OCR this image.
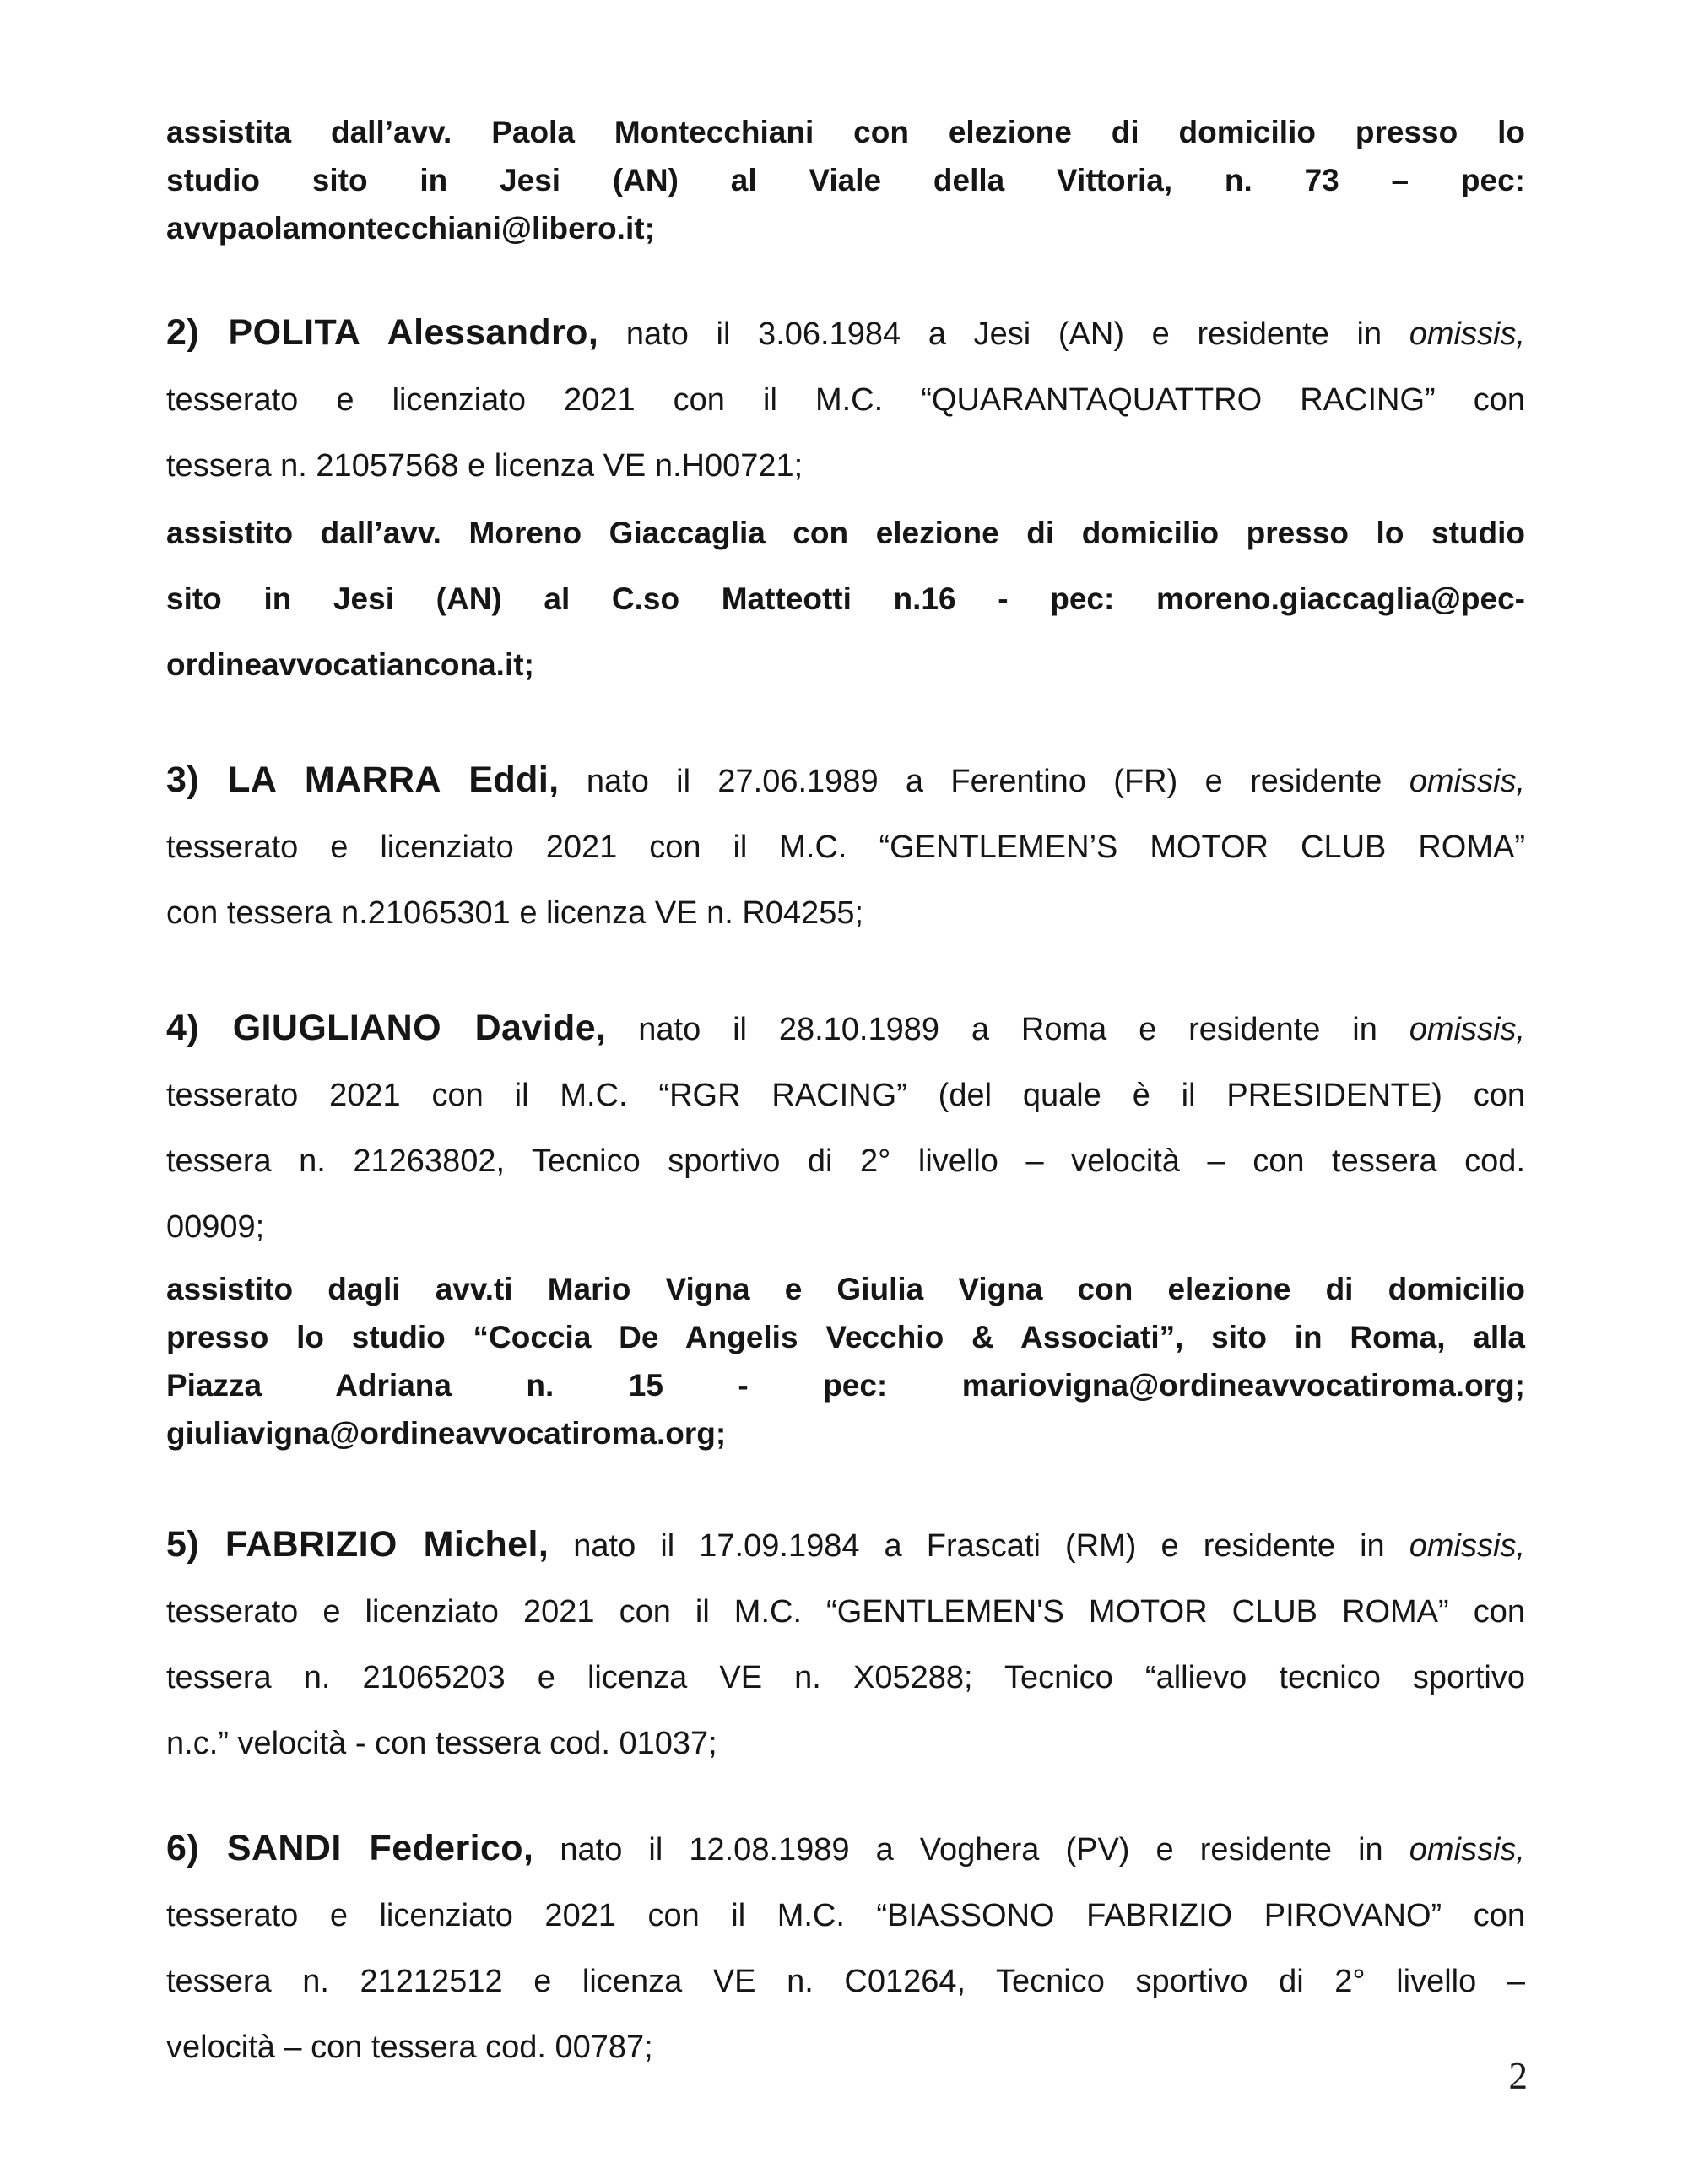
assistita dall’avv. Paola Montecchiani con elezione di domicilio presso lo
studio sito in Jesi (AN) al Viale della Vittoria, n. 73 – pec:
avvpaolamontecchiani@libero.it;
2) POLITA Alessandro, nato il 3.06.1984 a Jesi (AN) e residente in omissis,
tesserato e licenziato 2021 con il M.C. “QUARANTAQUATTRO RACING” con
tessera n. 21057568 e licenza VE n.H00721;
assistito dall’avv. Moreno Giaccaglia con elezione di domicilio presso lo studio
sito in Jesi (AN) al C.so Matteotti n.16 - pec: moreno.giaccaglia@pec-
ordineavvocatiancona.it;
3) LA MARRA Eddi, nato il 27.06.1989 a Ferentino (FR) e residente omissis,
tesserato e licenziato 2021 con il M.C. “GENTLEMEN’S MOTOR CLUB ROMA”
con tessera n.21065301 e licenza VE n. R04255;
4) GIUGLIANO Davide, nato il 28.10.1989 a Roma e residente in omissis,
tesserato 2021 con il M.C. “RGR RACING” (del quale è il PRESIDENTE) con
tessera n. 21263802, Tecnico sportivo di 2° livello – velocità – con tessera cod.
00909;
assistito dagli avv.ti Mario Vigna e Giulia Vigna con elezione di domicilio
presso lo studio “Coccia De Angelis Vecchio & Associati”, sito in Roma, alla
Piazza Adriana n. 15 - pec: mariovigna@ordineavvocatiroma.org;
giuliavigna@ordineavvocatiroma.org;
5) FABRIZIO Michel, nato il 17.09.1984 a Frascati (RM) e residente in omissis,
tesserato e licenziato 2021 con il M.C. “GENTLEMEN'S MOTOR CLUB ROMA” con
tessera n. 21065203 e licenza VE n. X05288; Tecnico “allievo tecnico sportivo
n.c.” velocità - con tessera cod. 01037;
6) SANDI Federico, nato il 12.08.1989 a Voghera (PV) e residente in omissis,
tesserato e licenziato 2021 con il M.C. “BIASSONO FABRIZIO PIROVANO” con
tessera n. 21212512 e licenza VE n. C01264, Tecnico sportivo di 2° livello –
velocità – con tessera cod. 00787;
2
